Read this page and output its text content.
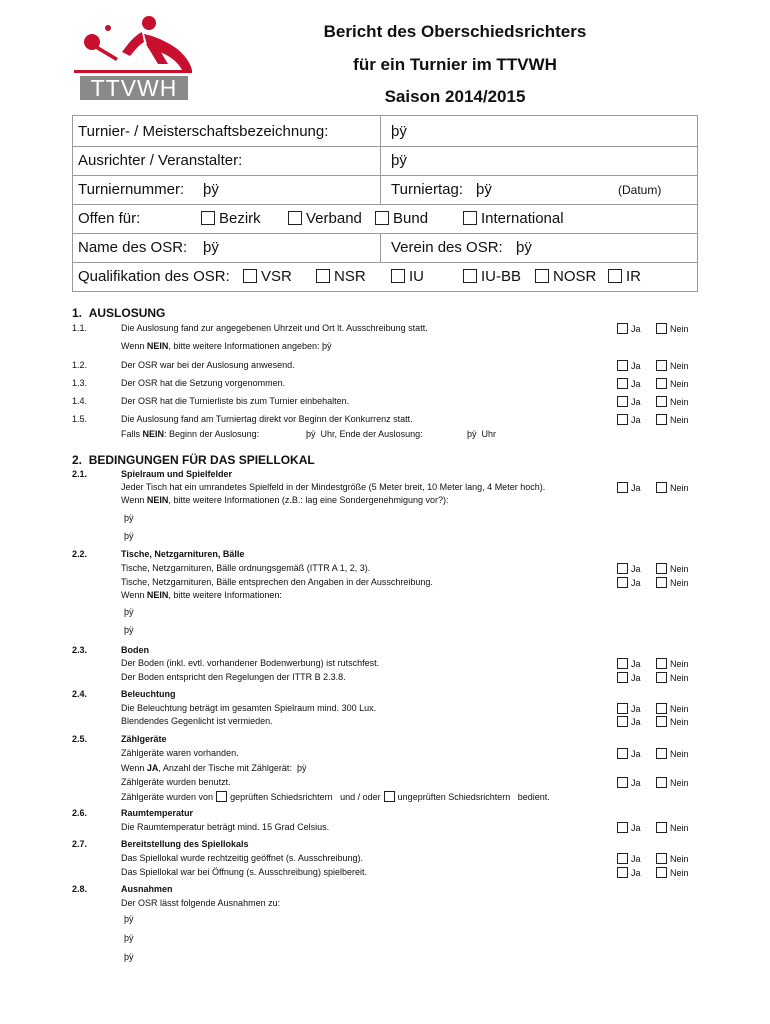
TTVWH
Bericht des Oberschiedsrichters
für ein Turnier im TTVWH
Saison 2014/2015
Turnier- / Meisterschaftsbezeichnung:	þÿ
Ausrichter / Veranstalter:	þÿ
Turniernummer: þÿ	Turniertag: þÿ	(Datum)
Offen für:	Bezirk	Verband	Bund	International
Name des OSR: þÿ	Verein des OSR: þÿ
Qualifikation des OSR:	VSR	NSR	IU	IU-BB	NOSR	IR
1. AUSLOSUNG
1.1.	Die Auslosung fand zur angegebenen Uhrzeit und Ort lt. Ausschreibung statt.	Ja	Nein
Wenn NEIN, bitte weitere Informationen angeben: þÿ
1.2.	Der OSR war bei der Auslosung anwesend.	Ja	Nein
1.3.	Der OSR hat die Setzung vorgenommen.	Ja	Nein
1.4.	Der OSR hat die Turnierliste bis zum Turnier einbehalten.	Ja	Nein
1.5.	Die Auslosung fand am Turniertag direkt vor Beginn der Konkurrenz statt.	Ja	Nein
Falls NEIN: Beginn der Auslosung:	þÿ Uhr, Ende der Auslosung:	þÿ Uhr
2. BEDINGUNGEN FÜR DAS SPIELLOKAL
2.1.	Spielraum und Spielfelder
Jeder Tisch hat ein umrandetes Spielfeld in der Mindestgröße (5 Meter breit, 10 Meter lang, 4 Meter hoch).	Ja	Nein
Wenn NEIN, bitte weitere Informationen (z.B.: lag eine Sondergenehmigung vor?):
þÿ
þÿ
2.2.	Tische, Netzgarnituren, Bälle
Tische, Netzgarnituren, Bälle ordnungsgemäß (ITTR A 1, 2, 3).	Ja	Nein
Tische, Netzgarnituren, Bälle entsprechen den Angaben in der Ausschreibung.	Ja	Nein
Wenn NEIN, bitte weitere Informationen:
þÿ
þÿ
2.3.	Boden
Der Boden (inkl. evtl. vorhandener Bodenwerbung) ist rutschfest.	Ja	Nein
Der Boden entspricht den Regelungen der ITTR B 2.3.8.	Ja	Nein
2.4.	Beleuchtung
Die Beleuchtung beträgt im gesamten Spielraum mind. 300 Lux.	Ja	Nein
Blendendes Gegenlicht ist vermieden.	Ja	Nein
2.5.	Zählgeräte
Zählgeräte waren vorhanden.	Ja	Nein
Wenn JA, Anzahl der Tische mit Zählgerät: þÿ
Zählgeräte wurden benutzt.	Ja	Nein
Zählgeräte wurden von geprüften Schiedsrichtern und / oder ungeprüften Schiedsrichtern bedient.
2.6.	Raumtemperatur
Die Raumtemperatur beträgt mind. 15 Grad Celsius.	Ja	Nein
2.7.	Bereitstellung des Spiellokals
Das Spiellokal wurde rechtzeitig geöffnet (s. Ausschreibung).	Ja	Nein
Das Spiellokal war bei Öffnung (s. Ausschreibung) spielbereit.	Ja	Nein
2.8.	Ausnahmen
Der OSR lässt folgende Ausnahmen zu:
þÿ
þÿ
þÿ
